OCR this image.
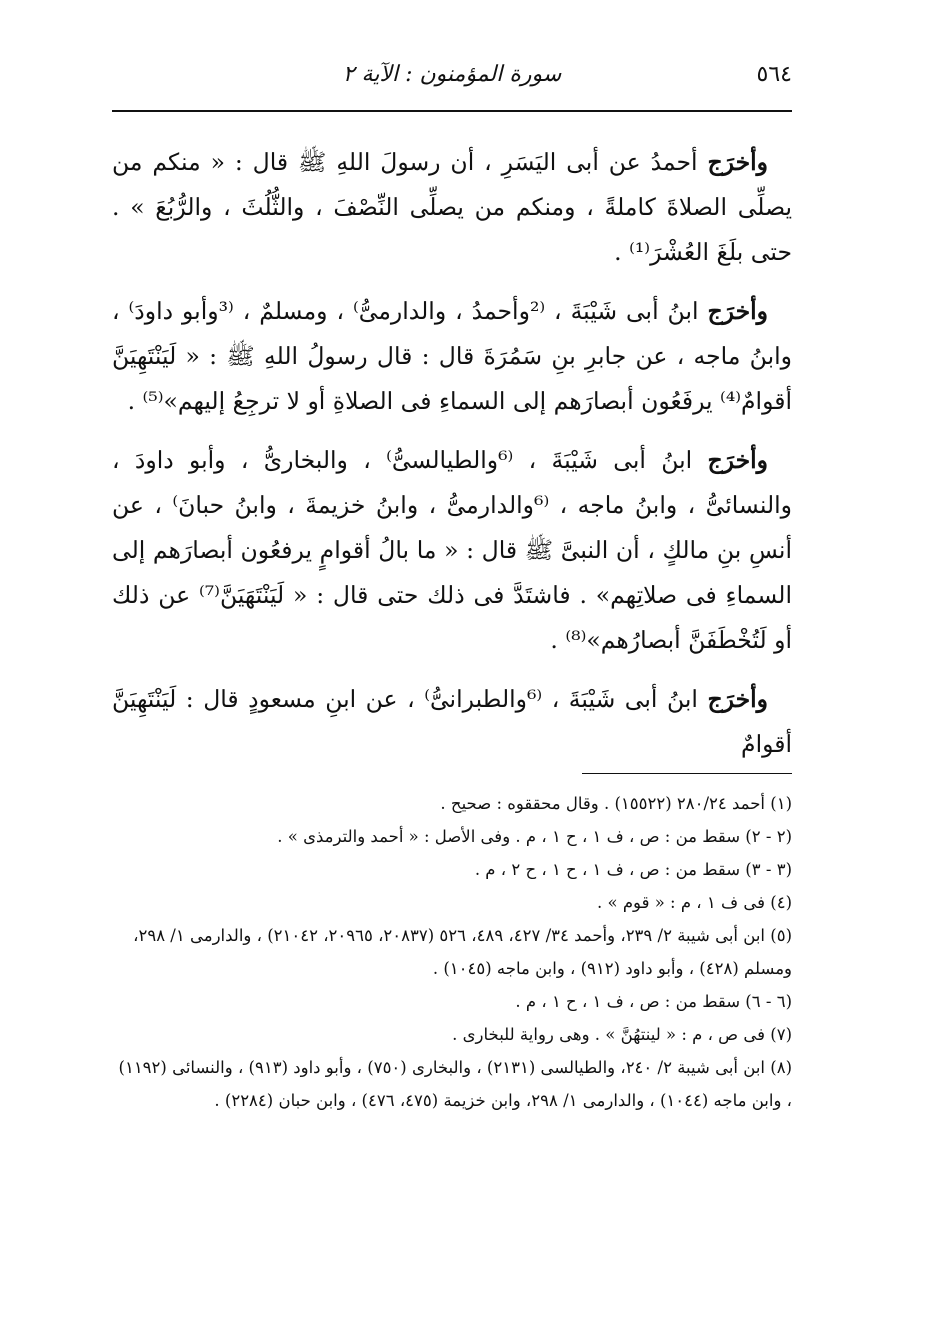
٥٦٤
سورة المؤمنون : الآية ٢

وأخرَج أحمدُ عن أبى اليَسَرِ ، أن رسولَ اللهِ ﷺ قال : « منكم من يصلِّى الصلاةَ كاملةً ، ومنكم من يصلِّى النِّصْفَ ، والثُّلُثَ ، والرُّبُعَ » . حتى بلَغَ العُشْرَ⁽¹⁾ .

وأخرَج ابنُ أبى شَيْبَةَ ، ⁽²وأحمدُ ، والدارمىُّ⁾ ، ومسلمٌ ، ⁽³وأبو داودَ⁾ ، وابنُ ماجه ، عن جابرِ بنِ سَمُرَةَ قال : قال رسولُ اللهِ ﷺ : « لَيَنْتَهِيَنَّ أقوامٌ⁽⁴⁾ يرفَعُون أبصارَهم إلى السماءِ فى الصلاةِ أو لا ترجِعُ إليهم»⁽⁵⁾ .

وأخرَج ابنُ أبى شَيْبَةَ ، ⁽⁶والطيالسىُّ⁾ ، والبخارىُّ ، وأبو داودَ ، والنسائىُّ ، وابنُ ماجه ، ⁽⁶والدارمىُّ ، وابنُ خزيمةَ ، وابنُ حبانَ⁾ ، عن أنسِ بنِ مالكٍ ، أن النبىَّ ﷺ قال : « ما بالُ أقوامٍ يرفعُون أبصارَهم إلى السماءِ فى صلاتِهم» . فاشتَدَّ فى ذلك حتى قال : « لَيَنْتَهَيَنَّ⁽⁷⁾ عن ذلك أو لَتُخْطَفَنَّ أبصارُهم»⁽⁸⁾ .

وأخرَج ابنُ أبى شَيْبَةَ ، ⁽⁶والطبرانىُّ⁾ ، عن ابنِ مسعودٍ قال : لَيَنْتَهِيَنَّ أقوامٌ

(١) أحمد ٢٨٠/٢٤ (١٥٥٢٢) . وقال محققوه : صحيح .

(٢ - ٢) سقط من : ص ، ف ١ ، ح ١ ، م . وفى الأصل : « أحمد والترمذى » .

(٣ - ٣) سقط من : ص ، ف ١ ، ح ١ ، ح ٢ ، م .

(٤) فى ف ١ ، م : « قوم » .

(٥) ابن أبى شيبة ٢/ ٢٣٩، وأحمد ٣٤/ ٤٢٧، ٤٨٩، ٥٢٦ (٢٠٨٣٧، ٢٠٩٦٥، ٢١٠٤٢) ، والدارمى ١/ ٢٩٨، ومسلم (٤٢٨) ، وأبو داود (٩١٢) ، وابن ماجه (١٠٤٥) .

(٦ - ٦) سقط من : ص ، ف ١ ، ح ١ ، م .

(٧) فى ص ، م : « لينتهُنَّ » . وهى رواية للبخارى .

(٨) ابن أبى شيبة ٢/ ٢٤٠، والطيالسى (٢١٣١) ، والبخارى (٧٥٠) ، وأبو داود (٩١٣) ، والنسائى (١١٩٢) ، وابن ماجه (١٠٤٤) ، والدارمى ١/ ٢٩٨، وابن خزيمة (٤٧٥، ٤٧٦) ، وابن حبان (٢٢٨٤) .
